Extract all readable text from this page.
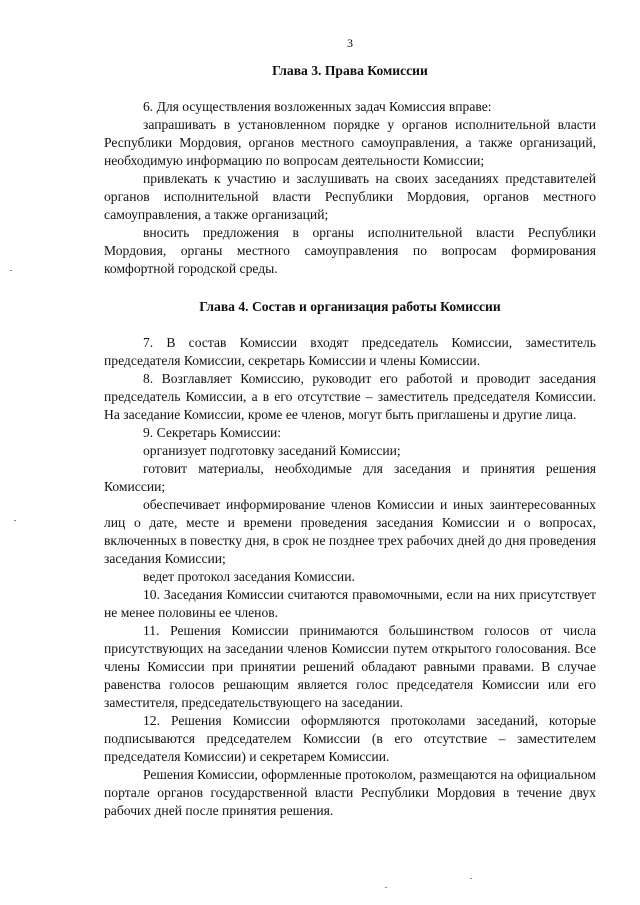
3
Глава 3. Права Комиссии

6. Для осуществления возложенных задач Комиссия вправе:

запрашивать в установленном порядке у органов исполнительной власти Республики Мордовия, органов местного самоуправления, а также организаций, необходимую информацию по вопросам деятельности Комиссии;

привлекать к участию и заслушивать на своих заседаниях представителей органов исполнительной власти Республики Мордовия, органов местного самоуправления, а также организаций;

вносить предложения в органы исполнительной власти Республики Мордовия, органы местного самоуправления по вопросам формирования комфортной городской среды.

Глава 4. Состав и организация работы Комиссии

7. В состав Комиссии входят председатель Комиссии, заместитель председателя Комиссии, секретарь Комиссии и члены Комиссии.

8. Возглавляет Комиссию, руководит его работой и проводит заседания председатель Комиссии, а в его отсутствие – заместитель председателя Комиссии. На заседание Комиссии, кроме ее членов, могут быть приглашены и другие лица.

9. Секретарь Комиссии:

организует подготовку заседаний Комиссии;

готовит материалы, необходимые для заседания и принятия решения Комиссии;

обеспечивает информирование членов Комиссии и иных заинтересованных лиц о дате, месте и времени проведения заседания Комиссии и о вопросах, включенных в повестку дня, в срок не позднее трех рабочих дней до дня проведения заседания Комиссии;

ведет протокол заседания Комиссии.

10. Заседания Комиссии считаются правомочными, если на них присутствует не менее половины ее членов.

11. Решения Комиссии принимаются большинством голосов от числа присутствующих на заседании членов Комиссии путем открытого голосования. Все члены Комиссии при принятии решений обладают равными правами. В случае равенства голосов решающим является голос председателя Комиссии или его заместителя, председательствующего на заседании.

12. Решения Комиссии оформляются протоколами заседаний, которые подписываются председателем Комиссии (в его отсутствие – заместителем председателя Комиссии) и секретарем Комиссии.

Решения Комиссии, оформленные протоколом, размещаются на официальном портале органов государственной власти Республики Мордовия в течение двух рабочих дней после принятия решения.
